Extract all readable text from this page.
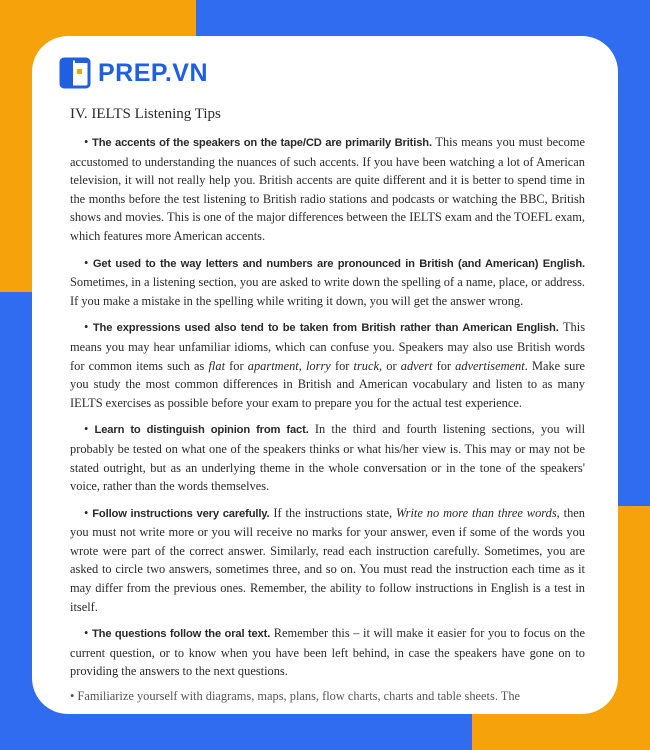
PREP.VN
IV. IELTS Listening Tips

• The accents of the speakers on the tape/CD are primarily British. This means you must become accustomed to understanding the nuances of such accents. If you have been watching a lot of American television, it will not really help you. British accents are quite different and it is better to spend time in the months before the test listening to British radio stations and podcasts or watching the BBC, British shows and movies. This is one of the major differences between the IELTS exam and the TOEFL exam, which features more American accents.

• Get used to the way letters and numbers are pronounced in British (and American) English. Sometimes, in a listening section, you are asked to write down the spelling of a name, place, or address. If you make a mistake in the spelling while writing it down, you will get the answer wrong.

• The expressions used also tend to be taken from British rather than American English. This means you may hear unfamiliar idioms, which can confuse you. Speakers may also use British words for common items such as flat for apartment, lorry for truck, or advert for advertisement. Make sure you study the most common differences in British and American vocabulary and listen to as many IELTS exercises as possible before your exam to prepare you for the actual test experience.

• Learn to distinguish opinion from fact. In the third and fourth listening sections, you will probably be tested on what one of the speakers thinks or what his/her view is. This may or may not be stated outright, but as an underlying theme in the whole conversation or in the tone of the speakers' voice, rather than the words themselves.

• Follow instructions very carefully. If the instructions state, Write no more than three words, then you must not write more or you will receive no marks for your answer, even if some of the words you wrote were part of the correct answer. Similarly, read each instruction carefully. Sometimes, you are asked to circle two answers, sometimes three, and so on. You must read the instruction each time as it may differ from the previous ones. Remember, the ability to follow instructions in English is a test in itself.

• The questions follow the oral text. Remember this – it will make it easier for you to focus on the current question, or to know when you have been left behind, in case the speakers have gone on to providing the answers to the next questions.

• Familiarize yourself with diagrams, maps, plans, flow charts, charts and table sheets. The
